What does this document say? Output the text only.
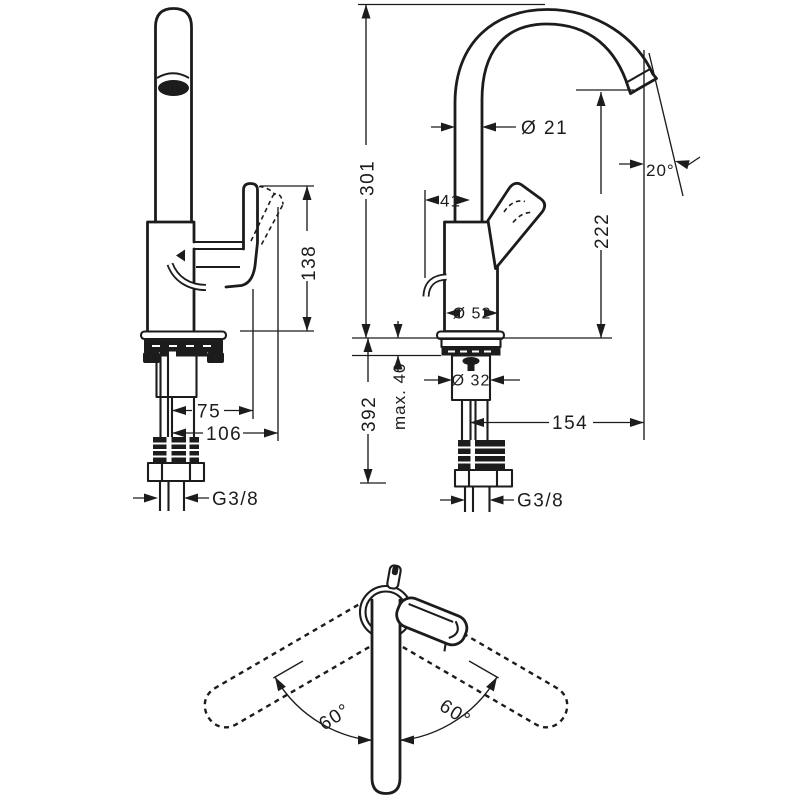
138
75
106
G3/8
301
Ø 21
41
222
20°
Ø 52
max. 40	Ø 32
392	154
G3/8
60°	60°
